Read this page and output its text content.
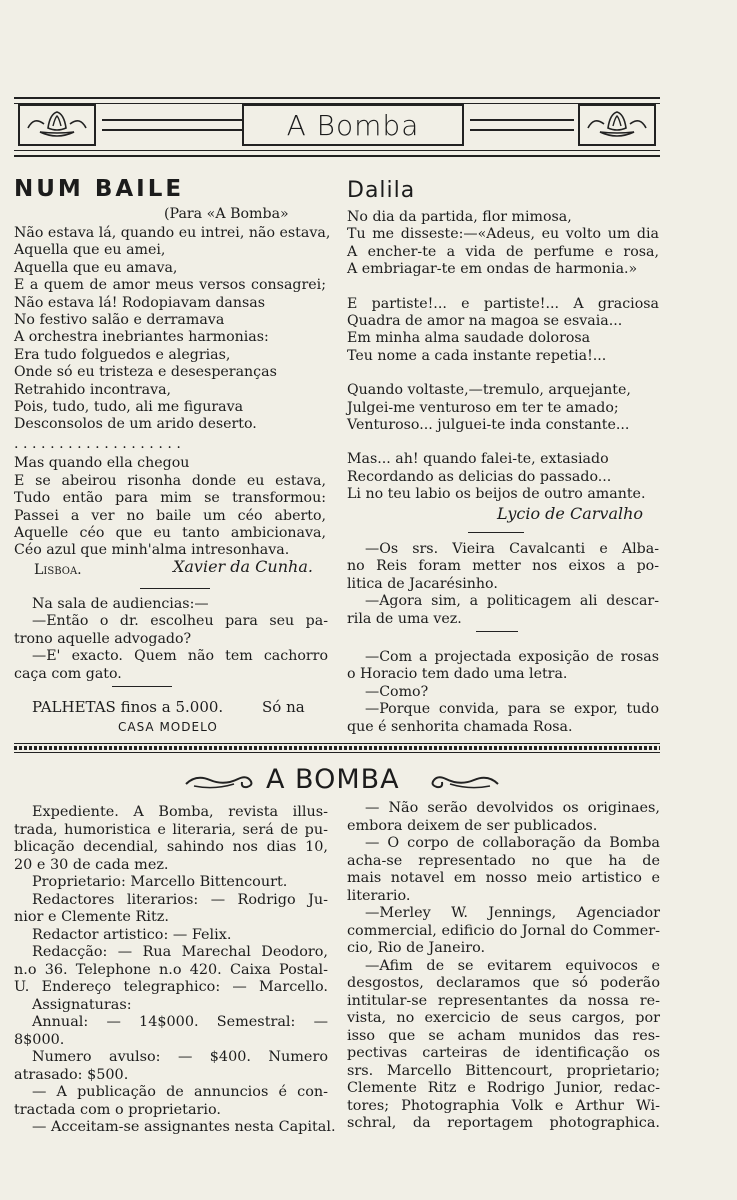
A Bomba
NUM BAILE
(Para «A Bomba»
Não estava lá, quando eu intrei, não estava,
Aquella que eu amei,
Aquella que eu amava,
E a quem de amor meus versos consagrei;
Não estava lá! Rodopiavam dansas
No festivo salão e derramava
A orchestra inebriantes harmonias:
Era tudo folguedos e alegrias,
Onde só eu tristeza e desesperanças
Retrahido incontrava,
Pois, tudo, tudo, ali me figurava
Desconsolos de um arido deserto.
. . . . . . . . . . . . . . . . . . .
Mas quando ella chegou
E se abeirou risonha donde eu estava,
Tudo então para mim se transformou:
Passei a ver no baile um céo aberto,
Aquelle céo que eu tanto ambicionava,
Céo azul que minh'alma intresonhava.
Lisboa.	Xavier da Cunha.
Na sala de audiencias:—
—Então o dr. escolheu para seu pa-
trono aquelle advogado?
—E' exacto. Quem não tem cachorro
caça com gato.
PALHETAS finos a 5.000.	Só na
CASA MODELO
Dalila
No dia da partida, flor mimosa,
Tu me disseste:—«Adeus, eu volto um dia
A encher-te a vida de perfume e rosa,
A embriagar-te em ondas de harmonia.»
E partiste!... e partiste!... A graciosa
Quadra de amor na magoa se esvaia...
Em minha alma saudade dolorosa
Teu nome a cada instante repetia!...
Quando voltaste,—tremulo, arquejante,
Julgei-me venturoso em ter te amado;
Venturoso... julguei-te inda constante...
Mas... ah! quando falei-te, extasiado
Recordando as delicias do passado...
Li no teu labio os beijos de outro amante.
Lycio de Carvalho
—Os srs. Vieira Cavalcanti e Alba-
no Reis foram metter nos eixos a po-
litica de Jacarésinho.
—Agora sim, a politicagem ali descar-
rila de uma vez.
—Com a projectada exposição de rosas
o Horacio tem dado uma letra.
—Como?
—Porque convida, para se expor, tudo
que é senhorita chamada Rosa.
A BOMBA
Expediente. A Bomba, revista illus-
trada, humoristica e literaria, será de pu-
blicação decendial, sahindo nos dias 10,
20 e 30 de cada mez.
Proprietario: Marcello Bittencourt.
Redactores literarios: — Rodrigo Ju-
nior e Clemente Ritz.
Redactor artistico: — Felix.
Redacção: — Rua Marechal Deodoro,
n.o 36. Telephone n.o 420. Caixa Postal-
U. Endereço telegraphico: — Marcello.
Assignaturas:
Annual: — 14$000. Semestral: —
8$000.
Numero avulso: — $400. Numero
atrasado: $500.
— A publicação de annuncios é con-
tractada com o proprietario.
— Acceitam-se assignantes nesta Capital.
— Não serão devolvidos os originaes,
embora deixem de ser publicados.
— O corpo de collaboração da Bomba
acha-se representado no que ha de
mais notavel em nosso meio artistico e
literario.
—Merley W. Jennings, Agenciador
commercial, edificio do Jornal do Commer-
cio, Rio de Janeiro.
—Afim de se evitarem equivocos e
desgostos, declaramos que só poderão
intitular-se representantes da nossa re-
vista, no exercicio de seus cargos, por
isso que se acham munidos das res-
pectivas carteiras de identificação os
srs. Marcello Bittencourt, proprietario;
Clemente Ritz e Rodrigo Junior, redac-
tores; Photographia Volk e Arthur Wi-
schral, da reportagem photographica.
